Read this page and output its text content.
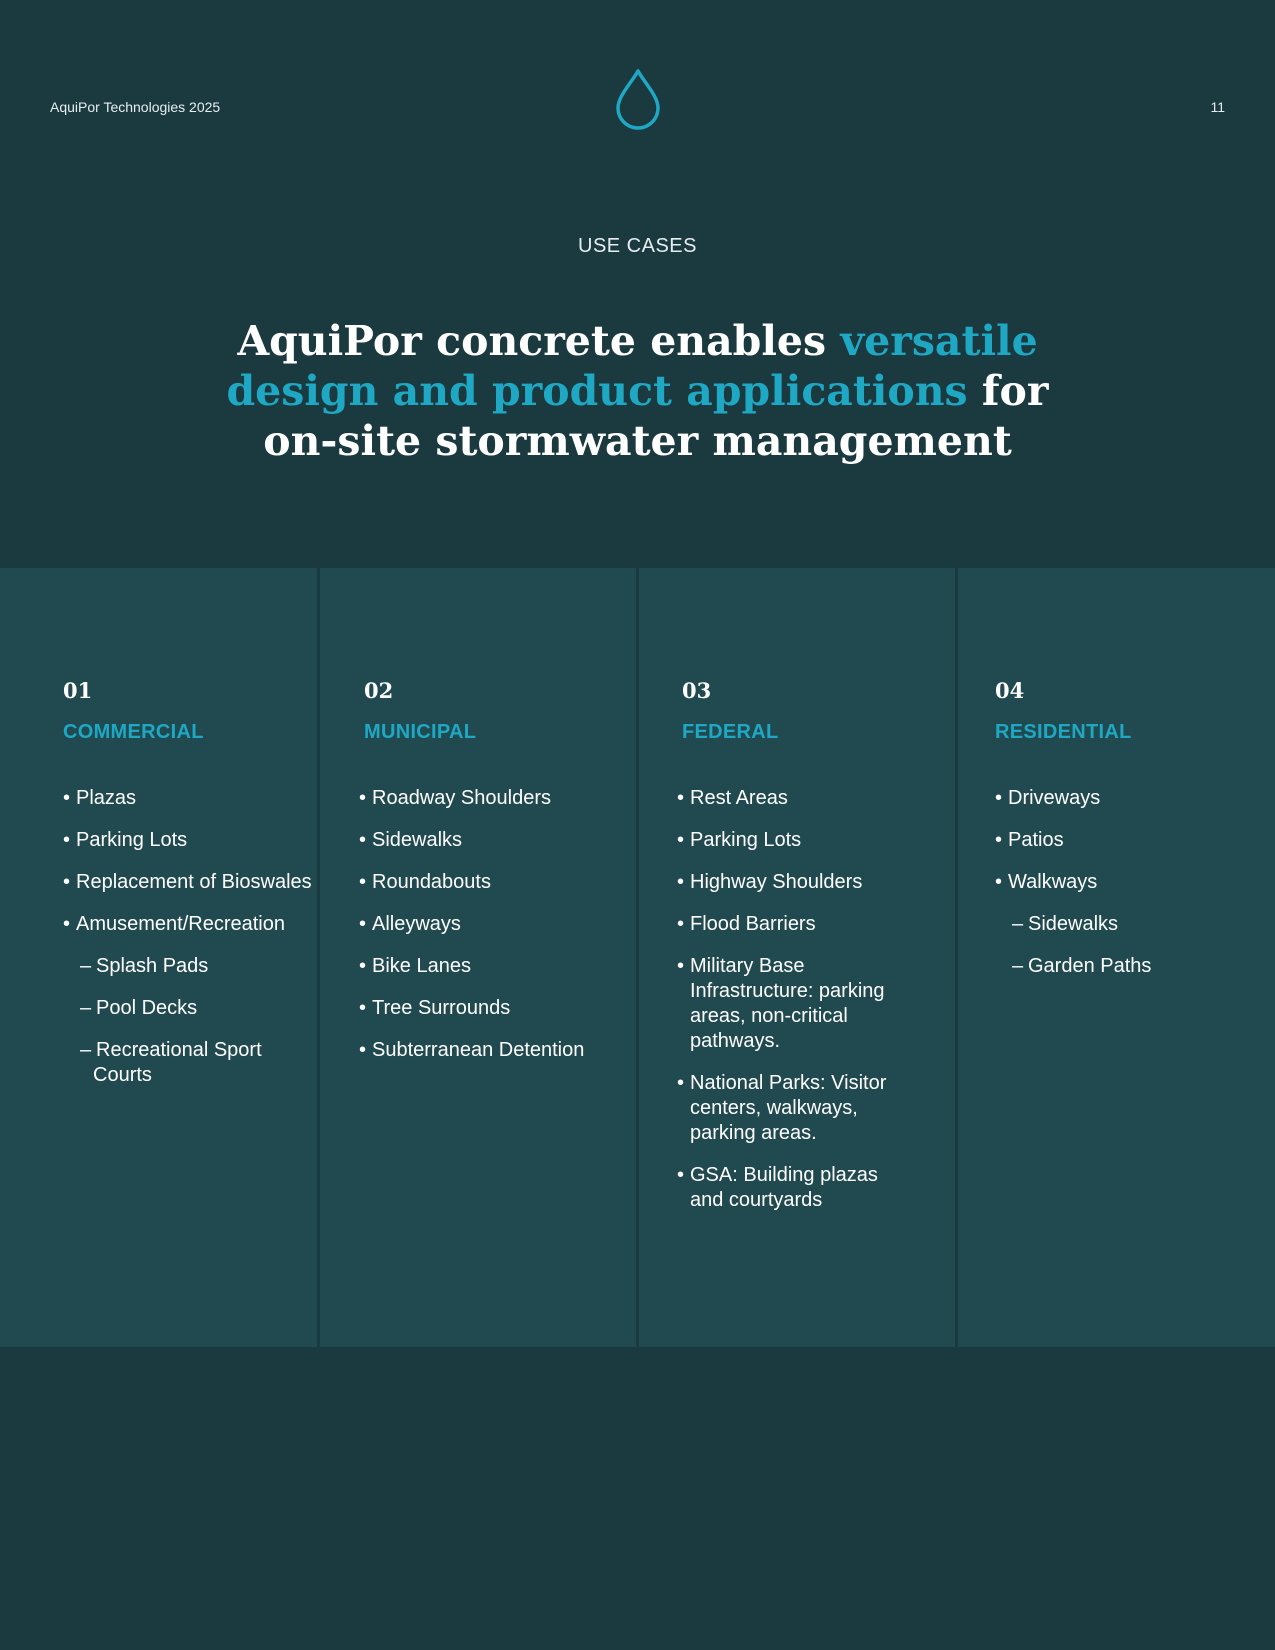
AquiPor Technologies 2025	11
USE CASES
AquiPor concrete enables versatile design and product applications for on-site stormwater management
01
COMMERCIAL
• Plazas
• Parking Lots
• Replacement of Bioswales
• Amusement/Recreation
– Splash Pads
– Pool Decks
– Recreational Sport Courts
02
MUNICIPAL
• Roadway Shoulders
• Sidewalks
• Roundabouts
• Alleyways
• Bike Lanes
• Tree Surrounds
• Subterranean Detention
03
FEDERAL
• Rest Areas
• Parking Lots
• Highway Shoulders
• Flood Barriers
• Military Base Infrastructure: parking areas, non-critical pathways.
• National Parks: Visitor centers, walkways, parking areas.
• GSA: Building plazas and courtyards
04
RESIDENTIAL
• Driveways
• Patios
• Walkways
– Sidewalks
– Garden Paths
